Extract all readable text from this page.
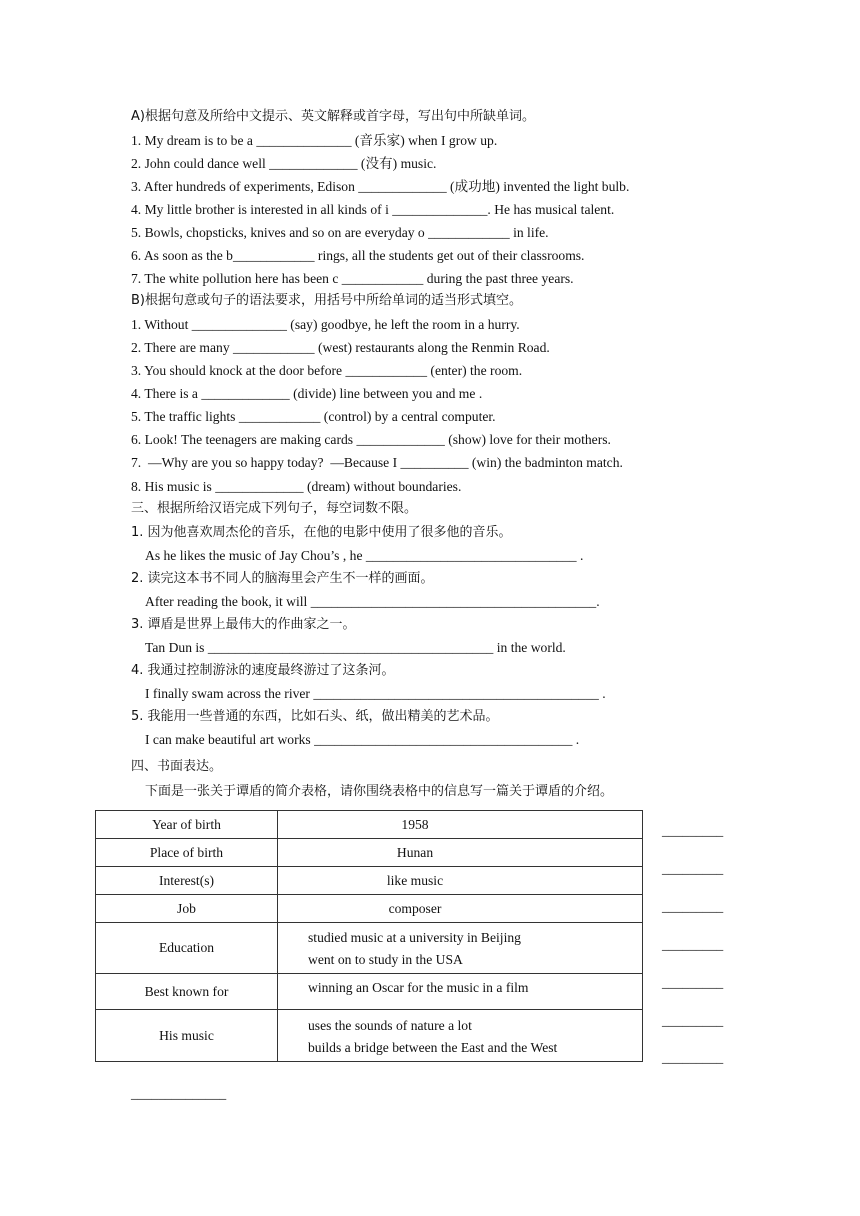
A)根据句意及所给中文提示、英文解释或首字母，写出句中所缺单词。
1. My dream is to be a ______________ (音乐家) when I grow up.
2. John could dance well _____________ (没有) music.
3. After hundreds of experiments, Edison _____________ (成功地) invented the light bulb.
4. My little brother is interested in all kinds of i ______________. He has musical talent.
5. Bowls, chopsticks, knives and so on are everyday o ____________ in life.
6. As soon as the b____________ rings, all the students get out of their classrooms.
7. The white pollution here has been c ____________ during the past three years.
B)根据句意或句子的语法要求，用括号中所给单词的适当形式填空。
1. Without ______________ (say) goodbye, he left the room in a hurry.
2. There are many ____________ (west) restaurants along the Renmin Road.
3. You should knock at the door before ____________ (enter) the room.
4. There is a _____________ (divide) line between you and me .
5. The traffic lights ____________ (control) by a central computer.
6. Look! The teenagers are making cards _____________ (show) love for their mothers.
7.  —Why are you so happy today?  —Because I __________ (win) the badminton match.
8. His music is _____________ (dream) without boundaries.
三、根据所给汉语完成下列句子，每空词数不限。
1. 因为他喜欢周杰伦的音乐，在他的电影中使用了很多他的音乐。
As he likes the music of Jay Chou’s , he _______________________________ .
2. 读完这本书不同人的脑海里会产生不一样的画面。
After reading the book, it will __________________________________________.
3. 谭盾是世界上最伟大的作曲家之一。
Tan Dun is __________________________________________ in the world.
4. 我通过控制游泳的速度最终游过了这条河。
I finally swam across the river __________________________________________ .
5. 我能用一些普通的东西，比如石头、纸，做出精美的艺术品。
I can make beautiful art works ______________________________________ .
四、书面表达。
下面是一张关于谭盾的简介表格，请你围绕表格中的信息写一篇关于谭盾的介绍。
Year of birth	1958
Place of birth	Hunan
Interest(s)	like music
Job	composer
Education	studied music at a university in Beijing
went on to study in the USA

Best known for	winning an Oscar for the music in a film
His music	uses the sounds of nature a lot
builds a bridge between the East and the West
_________
_________
_________
_________
_________
_________
_________
______________
